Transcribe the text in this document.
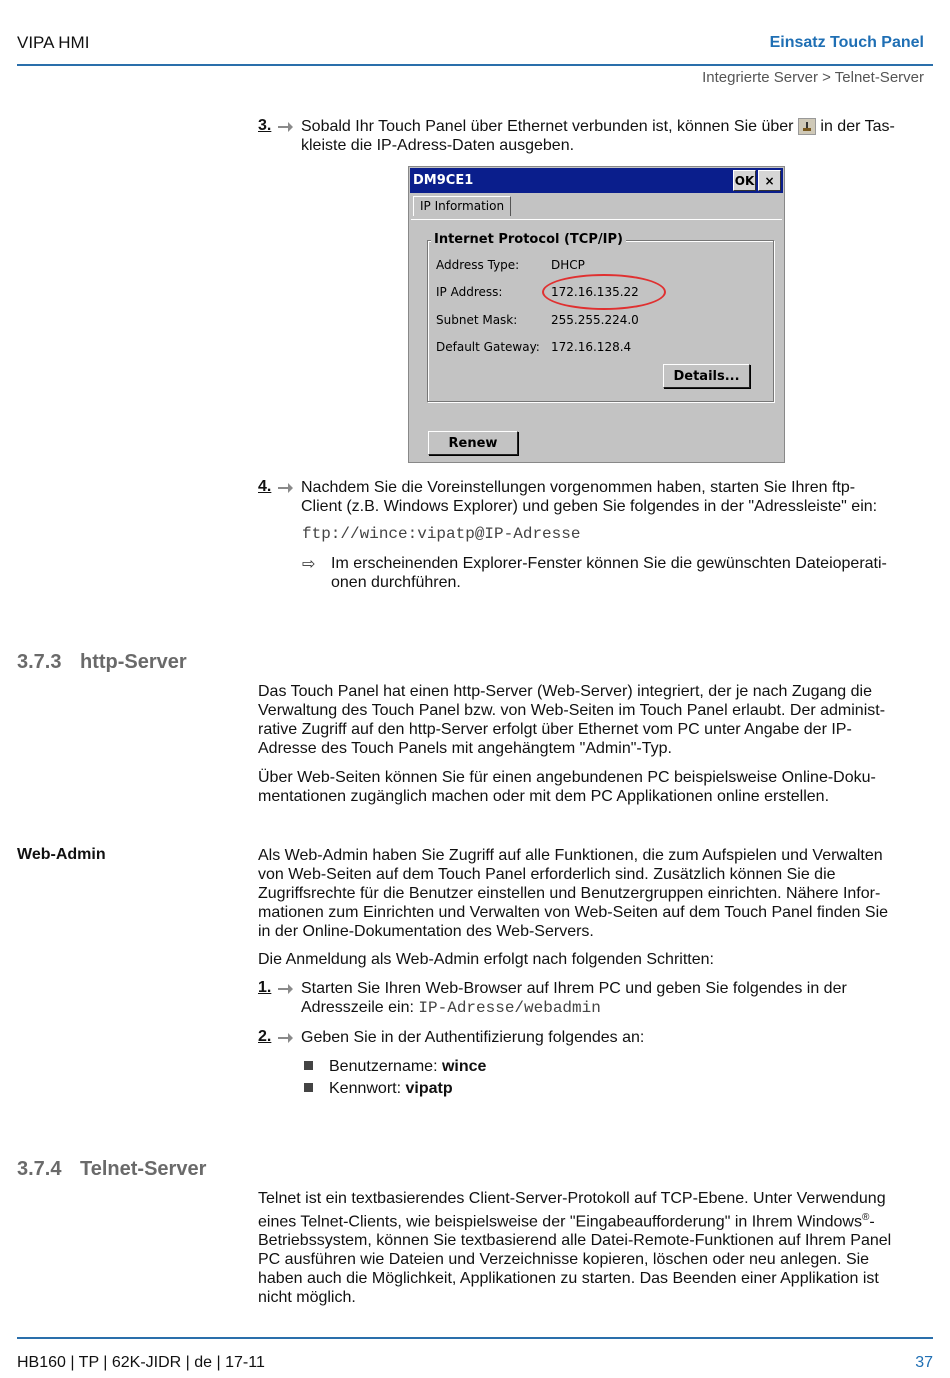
VIPA HMI	Einsatz Touch Panel
Integrierte Server > Telnet-Server
3.	Sobald Ihr Touch Panel über Ethernet verbunden ist, können Sie über in der Tas-
kleiste die IP-Adress-Daten ausgeben.
DM9CE1	OK ×
IP Information
Internet Protocol (TCP/IP)
Address Type:	DHCP
IP Address:	172.16.135.22
Subnet Mask:	255.255.224.0
Default Gateway: 172.16.128.4
Details...
Renew
4.	Nachdem Sie die Voreinstellungen vorgenommen haben, starten Sie Ihren ftp-
Client (z.B. Windows Explorer) und geben Sie folgendes in der "Adressleiste" ein:
ftp://wince:vipatp@IP-Adresse
⇨ Im erscheinenden Explorer-Fenster können Sie die gewünschten Dateioperati-
onen durchführen.
3.7.3 http-Server
Das Touch Panel hat einen http-Server (Web-Server) integriert, der je nach Zugang die
Verwaltung des Touch Panel bzw. von Web-Seiten im Touch Panel erlaubt. Der administ-
rative Zugriff auf den http-Server erfolgt über Ethernet vom PC unter Angabe der IP-
Adresse des Touch Panels mit angehängtem "Admin"-Typ.
Über Web-Seiten können Sie für einen angebundenen PC beispielsweise Online-Doku-
mentationen zugänglich machen oder mit dem PC Applikationen online erstellen.
Web-Admin	Als Web-Admin haben Sie Zugriff auf alle Funktionen, die zum Aufspielen und Verwalten
von Web-Seiten auf dem Touch Panel erforderlich sind. Zusätzlich können Sie die
Zugriffsrechte für die Benutzer einstellen und Benutzergruppen einrichten. Nähere Infor-
mationen zum Einrichten und Verwalten von Web-Seiten auf dem Touch Panel finden Sie
in der Online-Dokumentation des Web-Servers.
Die Anmeldung als Web-Admin erfolgt nach folgenden Schritten:
1.	Starten Sie Ihren Web-Browser auf Ihrem PC und geben Sie folgendes in der
Adresszeile ein: IP-Adresse/webadmin
2.	Geben Sie in der Authentifizierung folgendes an:
Benutzername: wince
Kennwort: vipatp
3.7.4 Telnet-Server
Telnet ist ein textbasierendes Client-Server-Protokoll auf TCP-Ebene. Unter Verwendung
eines Telnet-Clients, wie beispielsweise der "Eingabeaufforderung" in Ihrem Windows®-
Betriebssystem, können Sie textbasierend alle Datei-Remote-Funktionen auf Ihrem Panel
PC ausführen wie Dateien und Verzeichnisse kopieren, löschen oder neu anlegen. Sie
haben auch die Möglichkeit, Applikationen zu starten. Das Beenden einer Applikation ist
nicht möglich.
HB160 | TP | 62K-JIDR | de | 17-11	37
